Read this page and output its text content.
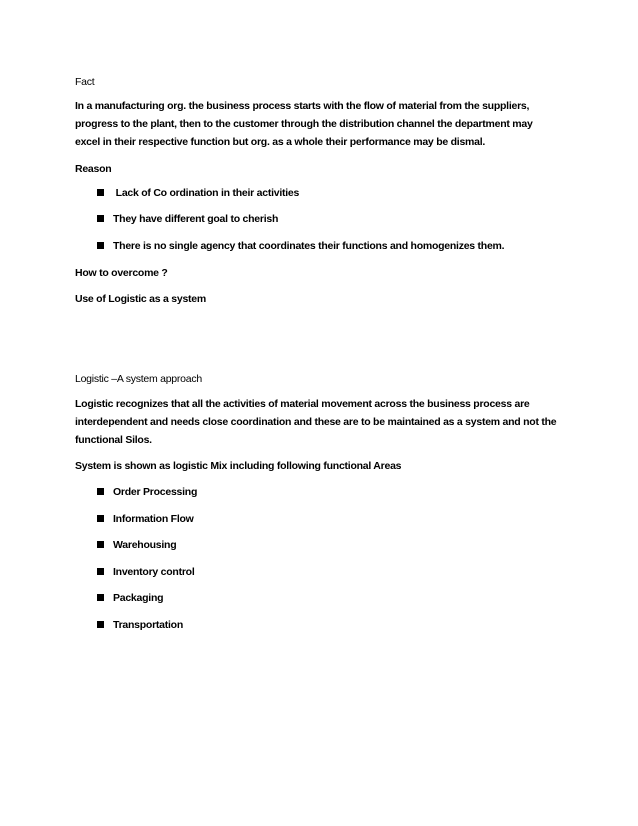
Fact
In a manufacturing org. the business process starts with the flow of material from the suppliers,
progress to the plant, then to the customer through the distribution channel the department may
excel in their respective function but org. as a whole their performance may be dismal.
Reason
Lack of Co ordination in their activities
They have different goal to cherish
There is no single agency that coordinates their functions and homogenizes them.
How to overcome ?
Use of Logistic as a system
Logistic –A system approach
Logistic recognizes that all the activities of material movement across the business process are
interdependent and needs close coordination and these are to be maintained as a system and not the
functional Silos.
System is shown as logistic Mix including following functional Areas
Order Processing
Information Flow
Warehousing
Inventory control
Packaging
Transportation
